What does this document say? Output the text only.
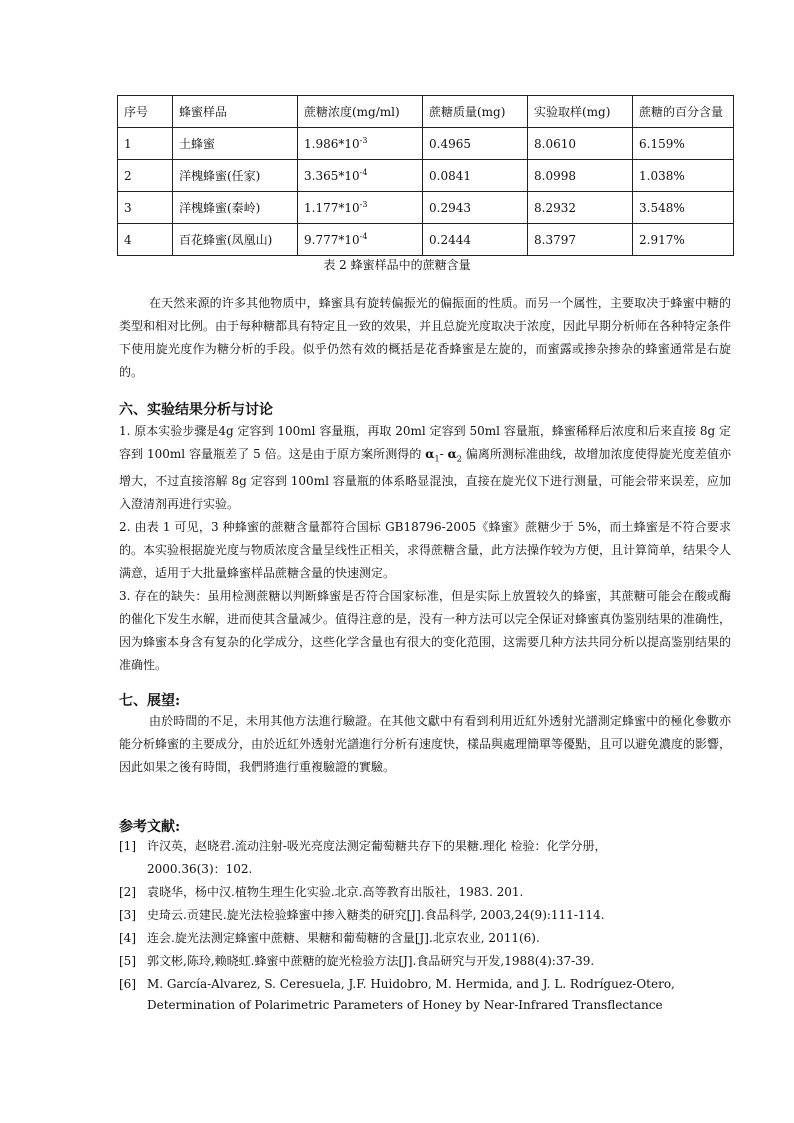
序号	蜂蜜样品	蔗糖浓度(mg/ml)	蔗糖质量(mg)	实验取样(mg)	蔗糖的百分含量
1	土蜂蜜	$1.986*10^{-3}$	0.4965	8.0610	6.159%
2	洋槐蜂蜜(任家)	$3.365*10^{-4}$	0.0841	8.0998	1.038%
3	洋槐蜂蜜(秦岭)	$1.177*10^{-3}$	0.2943	8.2932	3.548%
4	百花蜂蜜(凤凰山)	$9.777*10^{-4}$	0.2444	8.3797	2.917%
表 2 蜂蜜样品中的蔗糖含量
在天然来源的许多其他物质中，蜂蜜具有旋转偏振光的偏振面的性质。而另一个属性，主要取决于蜂蜜中糖的类型和相对比例。由于每种糖都具有特定且一致的效果，并且总旋光度取决于浓度，因此早期分析师在各种特定条件下使用旋光度作为糖分析的手段。似乎仍然有效的概括是花香蜂蜜是左旋的，而蜜露或掺杂掺杂的蜂蜜通常是右旋的。
六、实验结果分析与讨论
1. 原本实验步骤是4g 定容到 100ml 容量瓶，再取 20ml 定容到 50ml 容量瓶，蜂蜜稀释后浓度和后来直接 8g 定容到 100ml 容量瓶差了 5 倍。这是由于原方案所测得的 $\alpha_1-$ $\alpha_2$ 偏离所测标准曲线，故增加浓度使得旋光度差值亦增大，不过直接溶解 8g 定容到 100ml 容量瓶的体系略显混浊，直接在旋光仪下进行测量，可能会带来误差，应加入澄清剂再进行实验。
2. 由表 1 可见，3 种蜂蜜的蔗糖含量都符合国标 GB18796-2005《蜂蜜》蔗糖少于 5%，而土蜂蜜是不符合要求的。本实验根据旋光度与物质浓度含量呈线性正相关，求得蔗糖含量，此方法操作较为方便，且计算简单，结果令人满意，适用于大批量蜂蜜样品蔗糖含量的快速测定。
3. 存在的缺失：虽用检测蔗糖以判断蜂蜜是否符合国家标准，但是实际上放置较久的蜂蜜，其蔗糖可能会在酸或酶的催化下发生水解，进而使其含量减少。值得注意的是，没有一种方法可以完全保证对蜂蜜真伪鉴别结果的准确性，因为蜂蜜本身含有复杂的化学成分，这些化学含量也有很大的变化范围，这需要几种方法共同分析以提高鉴别结果的准确性。
七、展望:
由於時間的不足，未用其他方法進行驗證。在其他文獻中有看到利用近紅外透射光譜測定蜂蜜中的極化參數亦能分析蜂蜜的主要成分，由於近紅外透射光譜進行分析有速度快，樣品與處理簡單等優點，且可以避免濃度的影響，因此如果之後有時間，我們將進行重複驗證的實驗。
参考文献:
[1] 许汉英，赵晓君.流动注射-吸光亮度法测定葡萄糖共存下的果糖.理化 检验：化学分册，
2000.36(3)：102.
[2] 袁晓华，杨中汉.植物生理生化实验.北京.高等教育出版社，1983. 201.
[3] 史琦云.贡建民.旋光法检验蜂蜜中掺入糖类的研究[J].食品科学, 2003,24(9):111-114.
[4] 连会.旋光法测定蜂蜜中蔗糖、果糖和葡萄糖的含量[J].北京农业, 2011(6).
[5] 郭文彬,陈玲,赖晓虹.蜂蜜中蔗糖的旋光检验方法[J].食品研究与开发,1988(4):37-39.
[6] M. García-Alvarez, S. Ceresuela, J.F. Huidobro, M. Hermida, and J. L. Rodríguez-Otero,
Determination of Polarimetric Parameters of Honey by Near-Infrared Transflectance
